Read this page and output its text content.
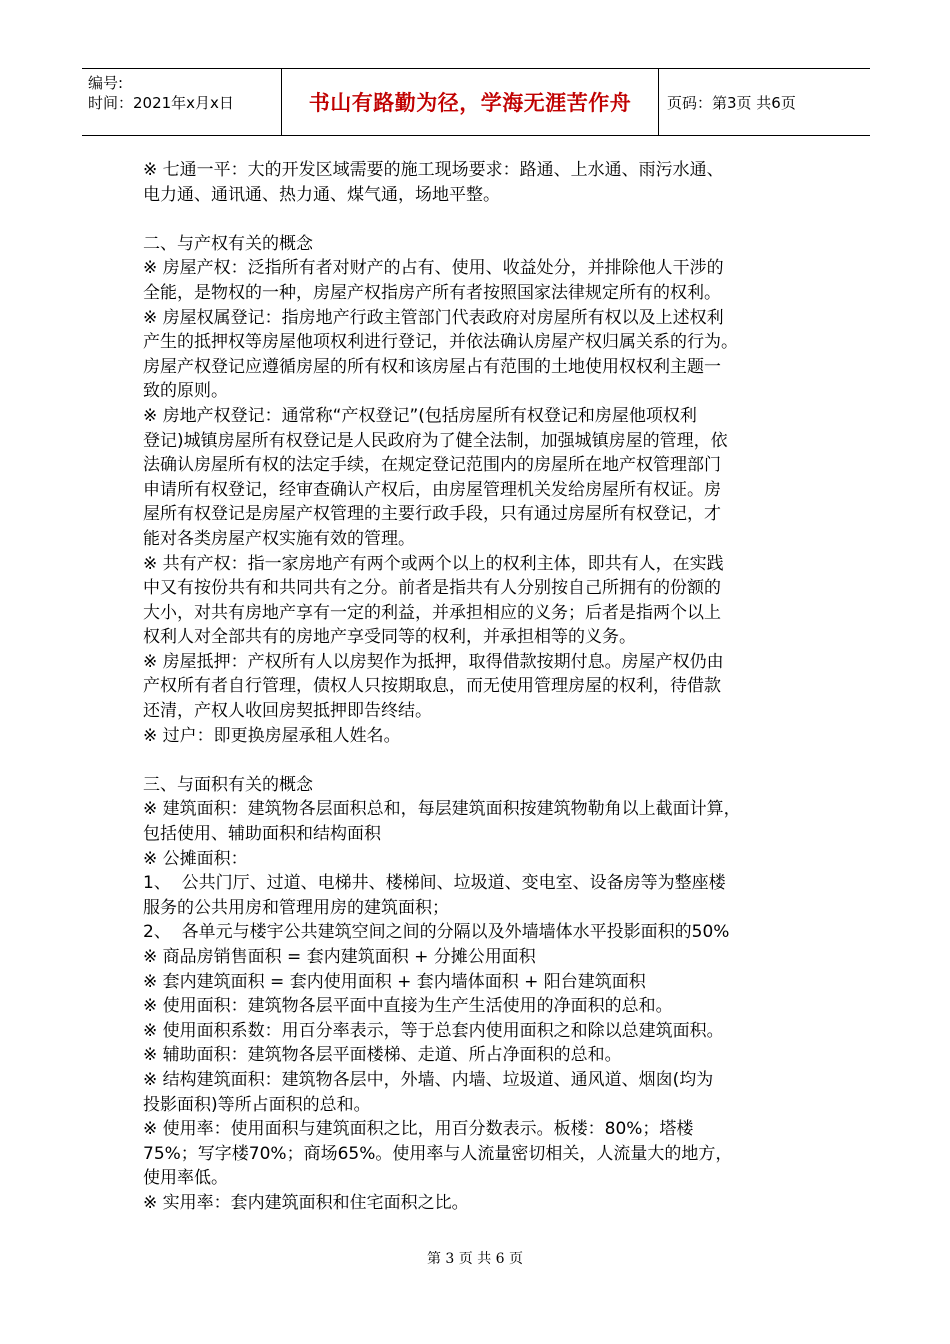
编号:
时间：2021年x月x日	书山有路勤为径，学海无涯苦作舟	页码：第3页 共6页
※ 七通一平：大的开发区域需要的施工现场要求：路通、上水通、雨污水通、
电力通、通讯通、热力通、煤气通，场地平整。
二、与产权有关的概念
※ 房屋产权：泛指所有者对财产的占有、使用、收益处分，并排除他人干涉的
全能，是物权的一种，房屋产权指房产所有者按照国家法律规定所有的权利。
※ 房屋权属登记：指房地产行政主管部门代表政府对房屋所有权以及上述权利
产生的抵押权等房屋他项权利进行登记，并依法确认房屋产权归属关系的行为。
房屋产权登记应遵循房屋的所有权和该房屋占有范围的土地使用权权利主题一
致的原则。
※ 房地产权登记：通常称“产权登记”(包括房屋所有权登记和房屋他项权利
登记)城镇房屋所有权登记是人民政府为了健全法制，加强城镇房屋的管理，依
法确认房屋所有权的法定手续，在规定登记范围内的房屋所在地产权管理部门
申请所有权登记，经审查确认产权后，由房屋管理机关发给房屋所有权证。房
屋所有权登记是房屋产权管理的主要行政手段，只有通过房屋所有权登记，才
能对各类房屋产权实施有效的管理。
※ 共有产权：指一家房地产有两个或两个以上的权利主体，即共有人，在实践
中又有按份共有和共同共有之分。前者是指共有人分别按自己所拥有的份额的
大小，对共有房地产享有一定的利益，并承担相应的义务；后者是指两个以上
权利人对全部共有的房地产享受同等的权利，并承担相等的义务。
※ 房屋抵押：产权所有人以房契作为抵押，取得借款按期付息。房屋产权仍由
产权所有者自行管理，债权人只按期取息，而无使用管理房屋的权利，待借款
还清，产权人收回房契抵押即告终结。
※ 过户：即更换房屋承租人姓名。
三、与面积有关的概念
※ 建筑面积：建筑物各层面积总和，每层建筑面积按建筑物勒角以上截面计算，
包括使用、辅助面积和结构面积
※ 公摊面积：
1、  公共门厅、过道、电梯井、楼梯间、垃圾道、变电室、设备房等为整座楼
服务的公共用房和管理用房的建筑面积；
2、  各单元与楼宇公共建筑空间之间的分隔以及外墙墙体水平投影面积的50%
※ 商品房销售面积 = 套内建筑面积 + 分摊公用面积
※ 套内建筑面积 = 套内使用面积 + 套内墙体面积 + 阳台建筑面积
※ 使用面积：建筑物各层平面中直接为生产生活使用的净面积的总和。
※ 使用面积系数：用百分率表示，等于总套内使用面积之和除以总建筑面积。
※ 辅助面积：建筑物各层平面楼梯、走道、所占净面积的总和。
※ 结构建筑面积：建筑物各层中，外墙、内墙、垃圾道、通风道、烟囱(均为
投影面积)等所占面积的总和。
※ 使用率：使用面积与建筑面积之比，用百分数表示。板楼：80%；塔楼
75%；写字楼70%；商场65%。使用率与人流量密切相关，人流量大的地方，
使用率低。
※ 实用率：套内建筑面积和住宅面积之比。
第 3 页 共 6 页
